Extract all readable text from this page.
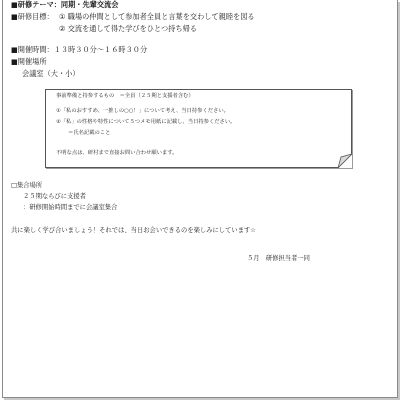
■研修テーマ：同期・先輩交流会
■研修目標： ① 職場の仲間として参加者全員と言葉を交わして親睦を図る
② 交流を通して得た学びをひとつ持ち帰る
■開催時間：１３時３０分～１６時３０分
■開催場所
会議室（大・小）
事前準備と持参するもの　＝全員（２５期と支援者含む）
①「私のおすすめ、一推しの○○！」について考え、当日持参ください。
②「私」の性格や特性について５つメモ用紙に記載し、当日持参ください。
＝氏名記載のこと
不明な点は、研村まで直接お問い合わせ願います。
□集合場所
２５期ならびに支援者
：研修開始時間までに会議室集合
共に楽しく学び合いましょう！それでは、当日お会いできるのを楽しみにしています☆
５月　研修担当者一同
